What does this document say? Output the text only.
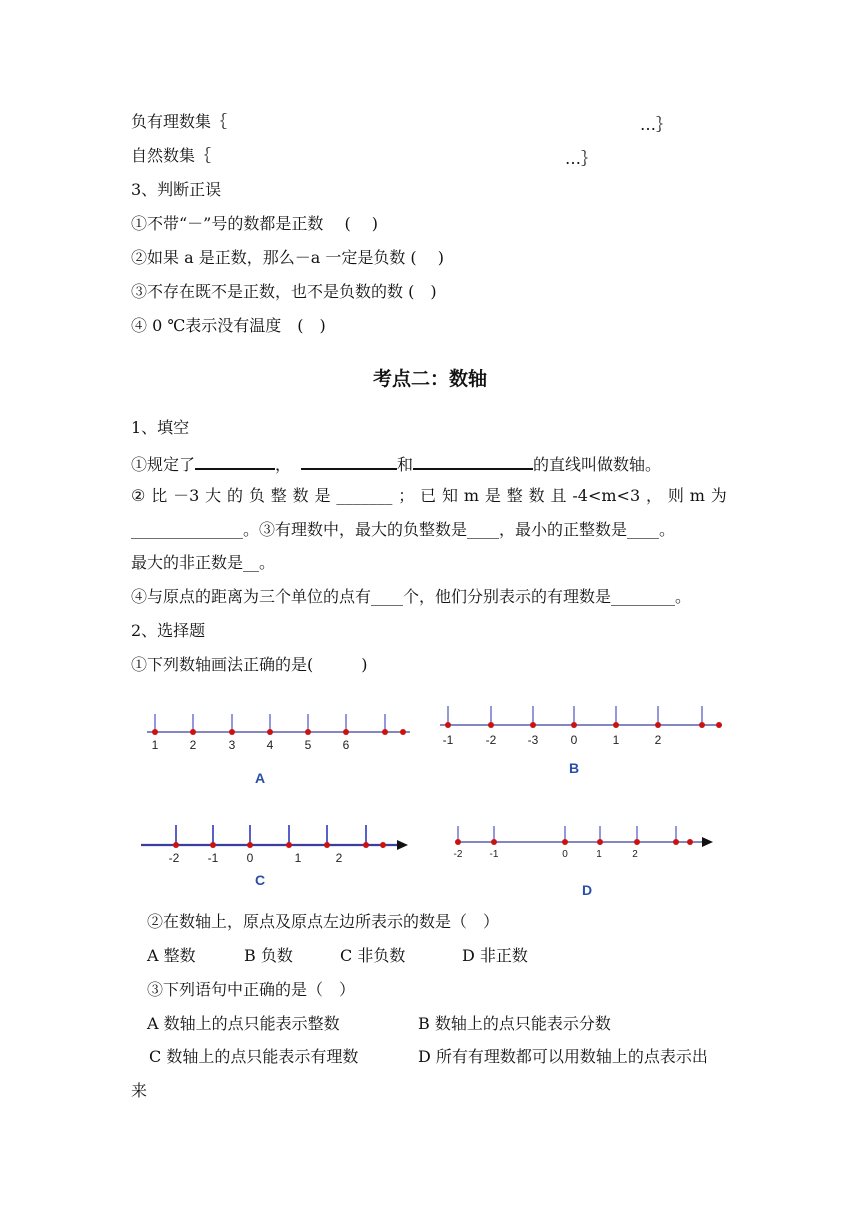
负有理数集｛	…｝
自然数集｛	…｝
3、判断正误
①不带“－”号的数都是正数　 (　 )
②如果 a 是正数，那么－a 一定是负数 (　 )
③不存在既不是正数，也不是负数的数 (　)
④ 0 ℃表示没有温度　(　)
考点二：数轴
1、填空
①规定了	，	和	的直线叫做数轴。
② 比 －3 大 的 负 整 数 是 _______ ； 已 知 m 是 整 数 且 -4<m<3 ， 则 m 为
______________。③有理数中，最大的负整数是____，最小的正整数是____。
最大的非正数是__。
④与原点的距离为三个单位的点有____个，他们分别表示的有理数是________。
2、选择题
①下列数轴画法正确的是(　　　)
1	2	3	4	5	6
A
-1	-2	-3	0	1	2
B
-2 -1 0	1	2
C
-2	-1	0	1	2
D
②在数轴上，原点及原点左边所表示的数是（　）
A 整数	B 负数	C 非负数	D 非正数
③下列语句中正确的是（　）
A 数轴上的点只能表示整数	B 数轴上的点只能表示分数
C 数轴上的点只能表示有理数	D 所有有理数都可以用数轴上的点表示出
来
